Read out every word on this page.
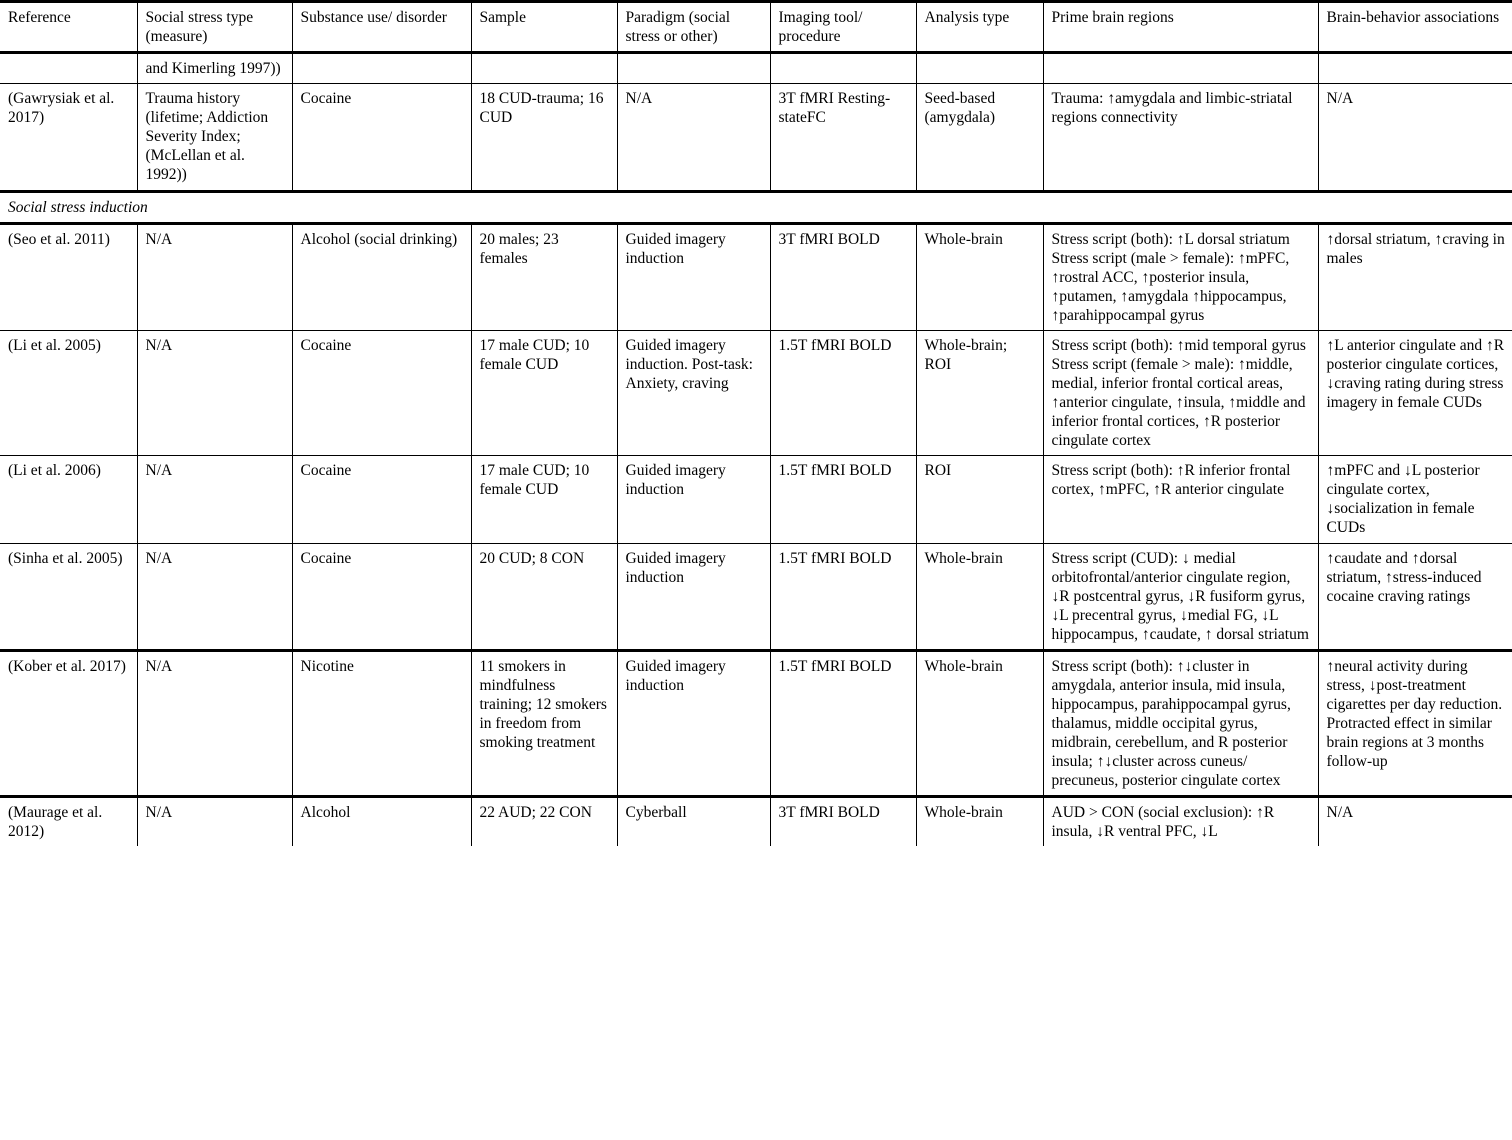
Reference	Social stress type (measure)	Substance use/ disorder	Sample	Paradigm (social stress or other)	Imaging tool/ procedure	Analysis type	Prime brain regions	Brain-behavior associations
	and Kimerling 1997))							
(Gawrysiak et al. 2017)	Trauma history (lifetime; Addiction Severity Index; (McLellan et al. 1992))	Cocaine	18 CUD-trauma; 16 CUD	N/A	3T fMRI Resting-stateFC	Seed-based (amygdala)	Trauma: ↑amygdala and limbic-striatal regions connectivity	N/A
Social stress induction								
(Seo et al. 2011)	N/A	Alcohol (social drinking)	20 males; 23 females	Guided imagery induction	3T fMRI BOLD	Whole-brain	Stress script (both): ↑L dorsal striatum Stress script (male > female): ↑mPFC, ↑rostral ACC, ↑posterior insula, ↑putamen, ↑amygdala ↑hippocampus, ↑parahippocampal gyrus	↑dorsal striatum, ↑craving in males
(Li et al. 2005)	N/A	Cocaine	17 male CUD; 10 female CUD	Guided imagery induction. Post-task: Anxiety, craving	1.5T fMRI BOLD	Whole-brain; ROI	Stress script (both): ↑mid temporal gyrus Stress script (female > male): ↑middle, medial, inferior frontal cortical areas, ↑anterior cingulate, ↑insula, ↑middle and inferior frontal cortices, ↑R posterior cingulate cortex	↑L anterior cingulate and ↑R posterior cingulate cortices, ↓craving rating during stress imagery in female CUDs
(Li et al. 2006)	N/A	Cocaine	17 male CUD; 10 female CUD	Guided imagery induction	1.5T fMRI BOLD	ROI	Stress script (both): ↑R inferior frontal cortex, ↑mPFC, ↑R anterior cingulate	↑mPFC and ↓L posterior cingulate cortex, ↓socialization in female CUDs
(Sinha et al. 2005)	N/A	Cocaine	20 CUD; 8 CON	Guided imagery induction	1.5T fMRI BOLD	Whole-brain	Stress script (CUD): ↓ medial orbitofrontal/anterior cingulate region, ↓R postcentral gyrus, ↓R fusiform gyrus, ↓L precentral gyrus, ↓medial FG, ↓L hippocampus, ↑caudate, ↑ dorsal striatum	↑caudate and ↑dorsal striatum, ↑stress-induced cocaine craving ratings
(Kober et al. 2017)	N/A	Nicotine	11 smokers in mindfulness training; 12 smokers in freedom from smoking treatment	Guided imagery induction	1.5T fMRI BOLD	Whole-brain	Stress script (both): ↑↓cluster in amygdala, anterior insula, mid insula, hippocampus, parahippocampal gyrus, thalamus, middle occipital gyrus, midbrain, cerebellum, and R posterior insula; ↑↓cluster across cuneus/ precuneus, posterior cingulate cortex	↑neural activity during stress, ↓post-treatment cigarettes per day reduction. Protracted effect in similar brain regions at 3 months follow-up
(Maurage et al. 2012)	N/A	Alcohol	22 AUD; 22 CON	Cyberball	3T fMRI BOLD	Whole-brain	AUD > CON (social exclusion): ↑R insula, ↓R ventral PFC, ↓L	N/A
